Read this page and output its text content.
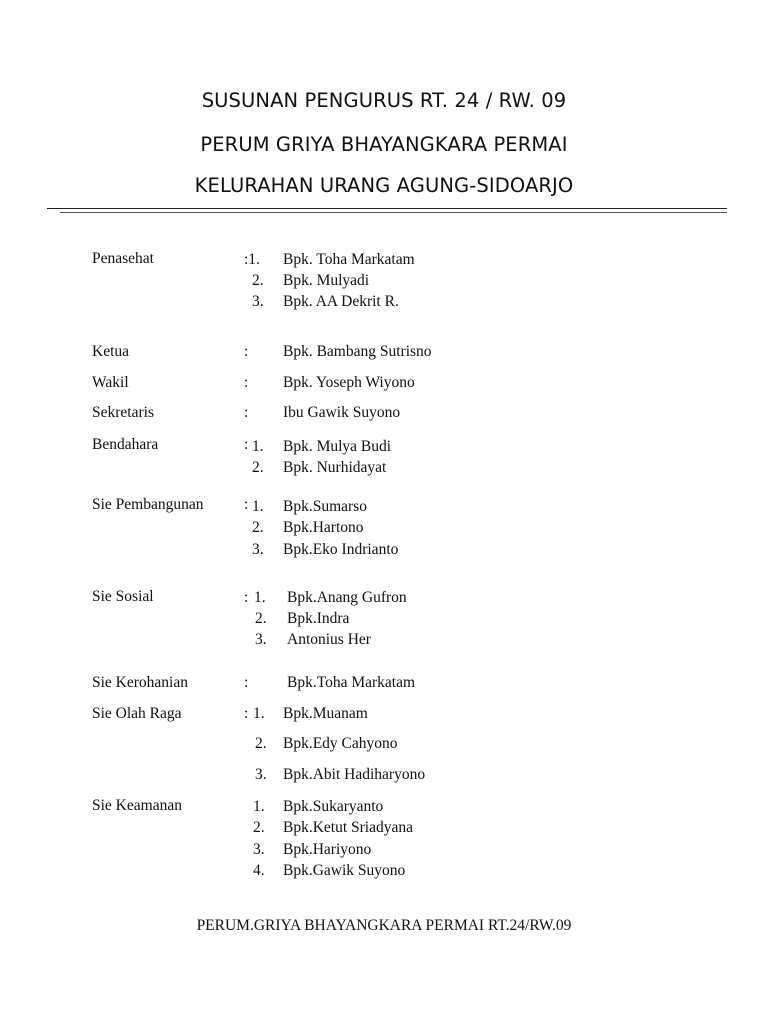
SUSUNAN PENGURUS RT. 24 / RW. 09
PERUM GRIYA BHAYANGKARA PERMAI
KELURAHAN URANG AGUNG-SIDOARJO
Penasehat	:1. Bpk. Toha Markatam
2. Bpk. Mulyadi
3. Bpk. AA Dekrit R.
Ketua	: Bpk. Bambang Sutrisno
Wakil	: Bpk. Yoseph Wiyono
Sekretaris	: Ibu Gawik Suyono
Bendahara	: 1. Bpk. Mulya Budi
2. Bpk. Nurhidayat
Sie Pembangunan	: 1. Bpk.Sumarso
2. Bpk.Hartono
3. Bpk.Eko Indrianto
Sie Sosial	: 1. Bpk.Anang Gufron
2. Bpk.Indra
3. Antonius Her
Sie Kerohanian	: Bpk.Toha Markatam
Sie Olah Raga	: 1. Bpk.Muanam
2. Bpk.Edy Cahyono
3. Bpk.Abit Hadiharyono
Sie Keamanan	1. Bpk.Sukaryanto
2. Bpk.Ketut Sriadyana
3. Bpk.Hariyono
4. Bpk.Gawik Suyono
PERUM.GRIYA BHAYANGKARA PERMAI RT.24/RW.09
